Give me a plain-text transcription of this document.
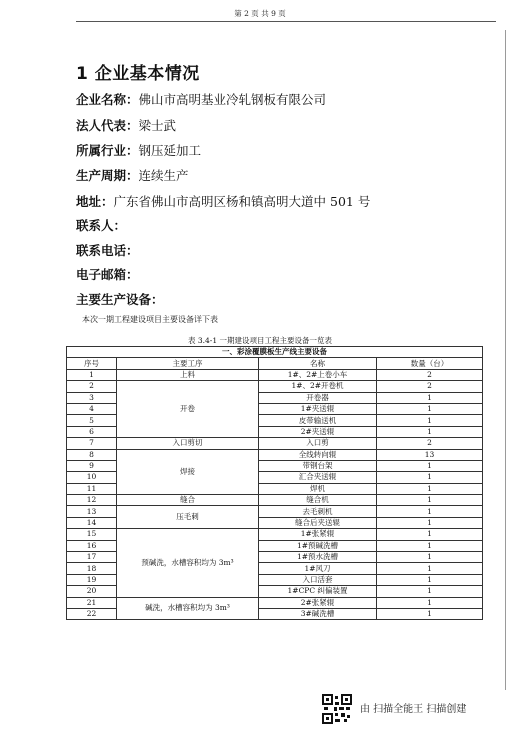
第 2 页 共 9 页
1 企业基本情况
企业名称：佛山市高明基业冷轧钢板有限公司
法人代表：梁士武
所属行业：钢压延加工
生产周期：连续生产
地址：广东省佛山市高明区杨和镇高明大道中 501 号
联系人：
联系电话：
电子邮箱：
主要生产设备：
本次一期工程建设项目主要设备详下表
表 3.4-1 一期建设项目工程主要设备一览表
一、彩涂覆膜板生产线主要设备			
序号	主要工序	名称	数量（台）
1	上料	1#、2#上卷小车	2
2	开卷	1#、2#开卷机	2
3		开卷器	1
4		1#夹送辊	1
5		皮带输送机	1
6		2#夹送辊	1
7	入口剪切	入口剪	2
8	焊接	全线转向辊	13
9		带钢台架	1
10		汇合夹送辊	1
11		焊机	1
12	缝合	缝合机	1
13	压毛刺	去毛刺机	1
14		缝合后夹送辊	1
15	预碱洗，水槽容积均为 3m³	1#张紧辊	1
16		1#预碱洗槽	1
17		1#预水洗槽	1
18		1#风刀	1
19		入口活套	1
20		1#CPC 纠偏装置	1
21	碱洗，水槽容积均为 3m³	2#张紧辊	1
22		3#碱洗槽	1
由 扫描全能王 扫描创建
